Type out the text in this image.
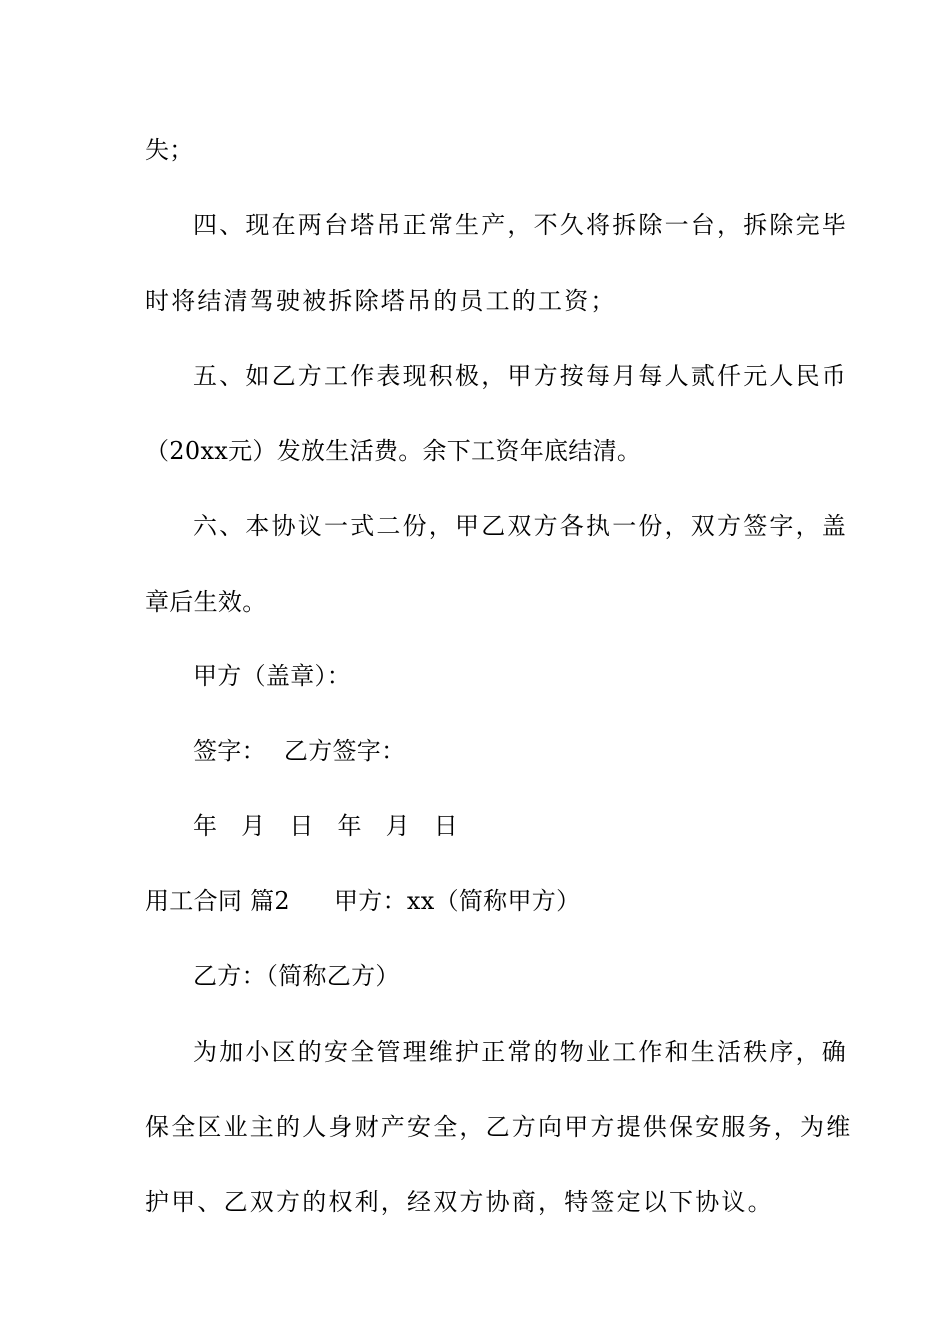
失；
四、现在两台塔吊正常生产，不久将拆除一台，拆除完毕
时将结清驾驶被拆除塔吊的员工的工资；
五、如乙方工作表现积极，甲方按每月每人贰仟元人民币
（20xx元）发放生活费。余下工资年底结清。
六、本协议一式二份，甲乙双方各执一份，双方签字，盖
章后生效。
甲方（盖章）：
签字： 乙方签字：
年  月  日  年  月  日
用工合同 篇2 甲方：xx（简称甲方）
乙方：（简称乙方）
为加小区的安全管理维护正常的物业工作和生活秩序，确
保全区业主的人身财产安全，乙方向甲方提供保安服务，为维
护甲、乙双方的权利，经双方协商，特签定以下协议。
